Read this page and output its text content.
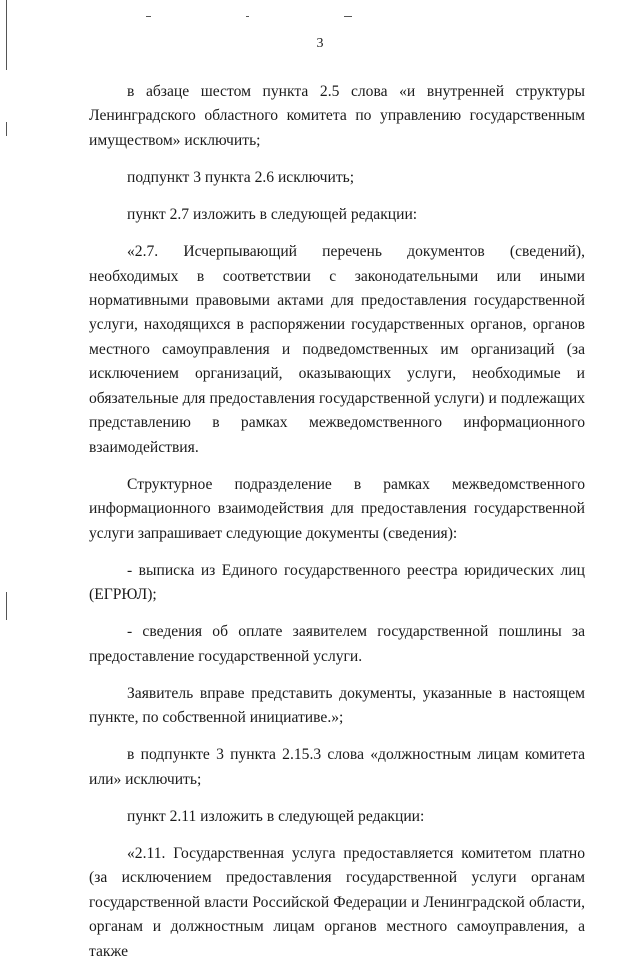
3

в абзаце шестом пункта 2.5 слова «и внутренней структуры Ленинградского областного комитета по управлению государственным имуществом» исключить;

подпункт 3 пункта 2.6 исключить;

пункт 2.7 изложить в следующей редакции:

«2.7. Исчерпывающий перечень документов (сведений), необходимых в соответствии с законодательными или иными нормативными правовыми актами для предоставления государственной услуги, находящихся в распоряжении государственных органов, органов местного самоуправления и подведомственных им организаций (за исключением организаций, оказывающих услуги, необходимые и обязательные для предоставления государственной услуги) и подлежащих представлению в рамках межведомственного информационного взаимодействия.

Структурное подразделение в рамках межведомственного информационного взаимодействия для предоставления государственной услуги запрашивает следующие документы (сведения):

- выписка из Единого государственного реестра юридических лиц (ЕГРЮЛ);

- сведения об оплате заявителем государственной пошлины за предоставление государственной услуги.

Заявитель вправе представить документы, указанные в настоящем пункте, по собственной инициативе.»;

в подпункте 3 пункта 2.15.3 слова «должностным лицам комитета или» исключить;

пункт 2.11 изложить в следующей редакции:

«2.11. Государственная услуга предоставляется комитетом платно (за исключением предоставления государственной услуги органам государственной власти Российской Федерации и Ленинградской области, органам и должностным лицам органов местного самоуправления, а также
